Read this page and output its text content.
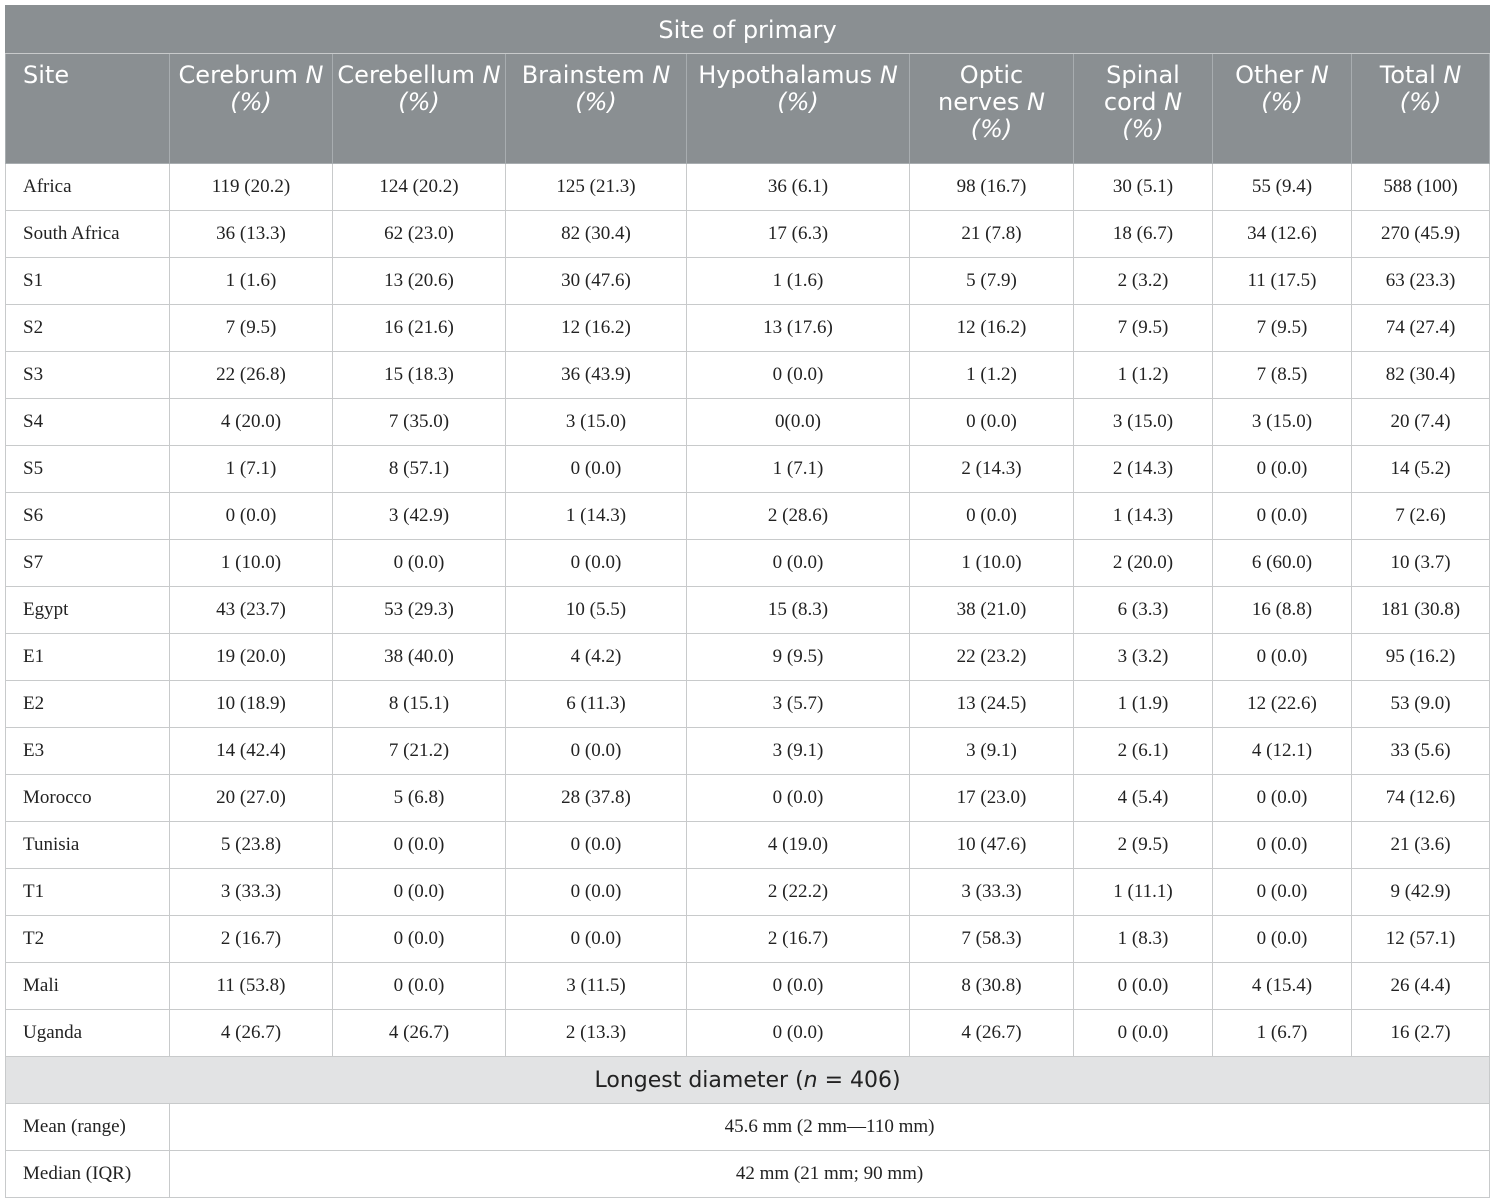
Site of primary								
Site	Cerebrum N (%)	Cerebellum N (%)	Brainstem N (%)	Hypothalamus N (%)	Optic nerves N (%)	Spinal cord N (%)	Other N (%)	Total N (%)
Africa	119 (20.2)	124 (20.2)	125 (21.3)	36 (6.1)	98 (16.7)	30 (5.1)	55 (9.4)	588 (100)
South Africa	36 (13.3)	62 (23.0)	82 (30.4)	17 (6.3)	21 (7.8)	18 (6.7)	34 (12.6)	270 (45.9)
S1	1 (1.6)	13 (20.6)	30 (47.6)	1 (1.6)	5 (7.9)	2 (3.2)	11 (17.5)	63 (23.3)
S2	7 (9.5)	16 (21.6)	12 (16.2)	13 (17.6)	12 (16.2)	7 (9.5)	7 (9.5)	74 (27.4)
S3	22 (26.8)	15 (18.3)	36 (43.9)	0 (0.0)	1 (1.2)	1 (1.2)	7 (8.5)	82 (30.4)
S4	4 (20.0)	7 (35.0)	3 (15.0)	0(0.0)	0 (0.0)	3 (15.0)	3 (15.0)	20 (7.4)
S5	1 (7.1)	8 (57.1)	0 (0.0)	1 (7.1)	2 (14.3)	2 (14.3)	0 (0.0)	14 (5.2)
S6	0 (0.0)	3 (42.9)	1 (14.3)	2 (28.6)	0 (0.0)	1 (14.3)	0 (0.0)	7 (2.6)
S7	1 (10.0)	0 (0.0)	0 (0.0)	0 (0.0)	1 (10.0)	2 (20.0)	6 (60.0)	10 (3.7)
Egypt	43 (23.7)	53 (29.3)	10 (5.5)	15 (8.3)	38 (21.0)	6 (3.3)	16 (8.8)	181 (30.8)
E1	19 (20.0)	38 (40.0)	4 (4.2)	9 (9.5)	22 (23.2)	3 (3.2)	0 (0.0)	95 (16.2)
E2	10 (18.9)	8 (15.1)	6 (11.3)	3 (5.7)	13 (24.5)	1 (1.9)	12 (22.6)	53 (9.0)
E3	14 (42.4)	7 (21.2)	0 (0.0)	3 (9.1)	3 (9.1)	2 (6.1)	4 (12.1)	33 (5.6)
Morocco	20 (27.0)	5 (6.8)	28 (37.8)	0 (0.0)	17 (23.0)	4 (5.4)	0 (0.0)	74 (12.6)
Tunisia	5 (23.8)	0 (0.0)	0 (0.0)	4 (19.0)	10 (47.6)	2 (9.5)	0 (0.0)	21 (3.6)
T1	3 (33.3)	0 (0.0)	0 (0.0)	2 (22.2)	3 (33.3)	1 (11.1)	0 (0.0)	9 (42.9)
T2	2 (16.7)	0 (0.0)	0 (0.0)	2 (16.7)	7 (58.3)	1 (8.3)	0 (0.0)	12 (57.1)
Mali	11 (53.8)	0 (0.0)	3 (11.5)	0 (0.0)	8 (30.8)	0 (0.0)	4 (15.4)	26 (4.4)
Uganda	4 (26.7)	4 (26.7)	2 (13.3)	0 (0.0)	4 (26.7)	0 (0.0)	1 (6.7)	16 (2.7)
Longest diameter (n = 406)								
Mean (range)	45.6 mm (2 mm—110 mm)							
Median (IQR)	42 mm (21 mm; 90 mm)							
